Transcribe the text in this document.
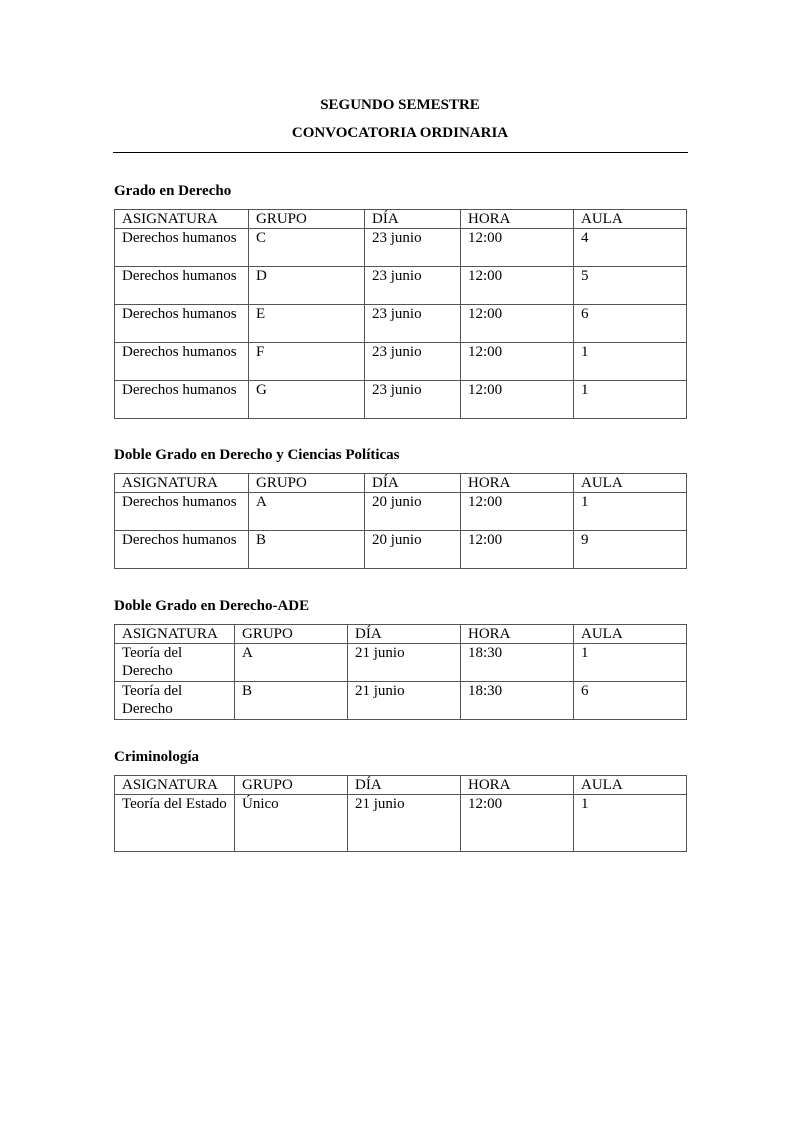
SEGUNDO SEMESTRE
CONVOCATORIA ORDINARIA
Grado en Derecho
ASIGNATURA	GRUPO	DÍA	HORA	AULA
Derechos humanos	C	23 junio	12:00	4
Derechos humanos	D	23 junio	12:00	5
Derechos humanos	E	23 junio	12:00	6
Derechos humanos	F	23 junio	12:00	1
Derechos humanos	G	23 junio	12:00	1
Doble Grado en Derecho y Ciencias Políticas
ASIGNATURA	GRUPO	DÍA	HORA	AULA
Derechos humanos	A	20 junio	12:00	1
Derechos humanos	B	20 junio	12:00	9
Doble Grado en Derecho-ADE
ASIGNATURA	GRUPO	DÍA	HORA	AULA
Teoría del Derecho	A	21 junio	18:30	1
Teoría del Derecho	B	21 junio	18:30	6
Criminología
ASIGNATURA	GRUPO	DÍA	HORA	AULA
Teoría del Estado	Único	21 junio	12:00	1
